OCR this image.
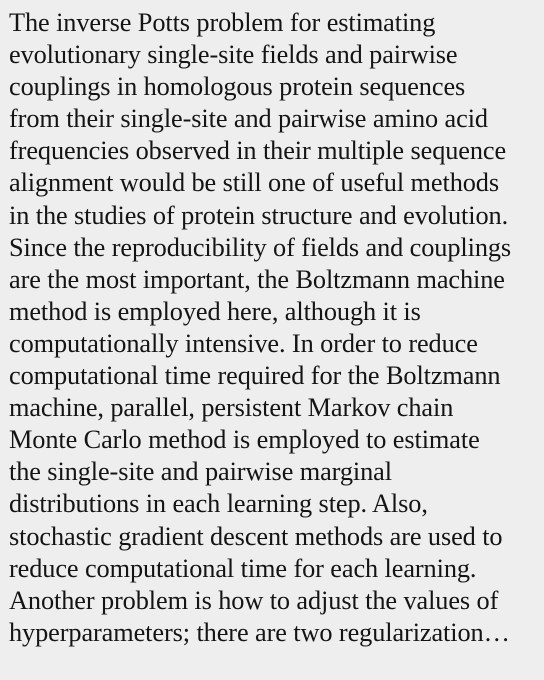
The inverse Potts problem for estimating
evolutionary single-site fields and pairwise
couplings in homologous protein sequences
from their single-site and pairwise amino acid
frequencies observed in their multiple sequence
alignment would be still one of useful methods
in the studies of protein structure and evolution.
Since the reproducibility of fields and couplings
are the most important, the Boltzmann machine
method is employed here, although it is
computationally intensive. In order to reduce
computational time required for the Boltzmann
machine, parallel, persistent Markov chain
Monte Carlo method is employed to estimate
the single-site and pairwise marginal
distributions in each learning step. Also,
stochastic gradient descent methods are used to
reduce computational time for each learning.
Another problem is how to adjust the values of
hyperparameters; there are two regularization…
